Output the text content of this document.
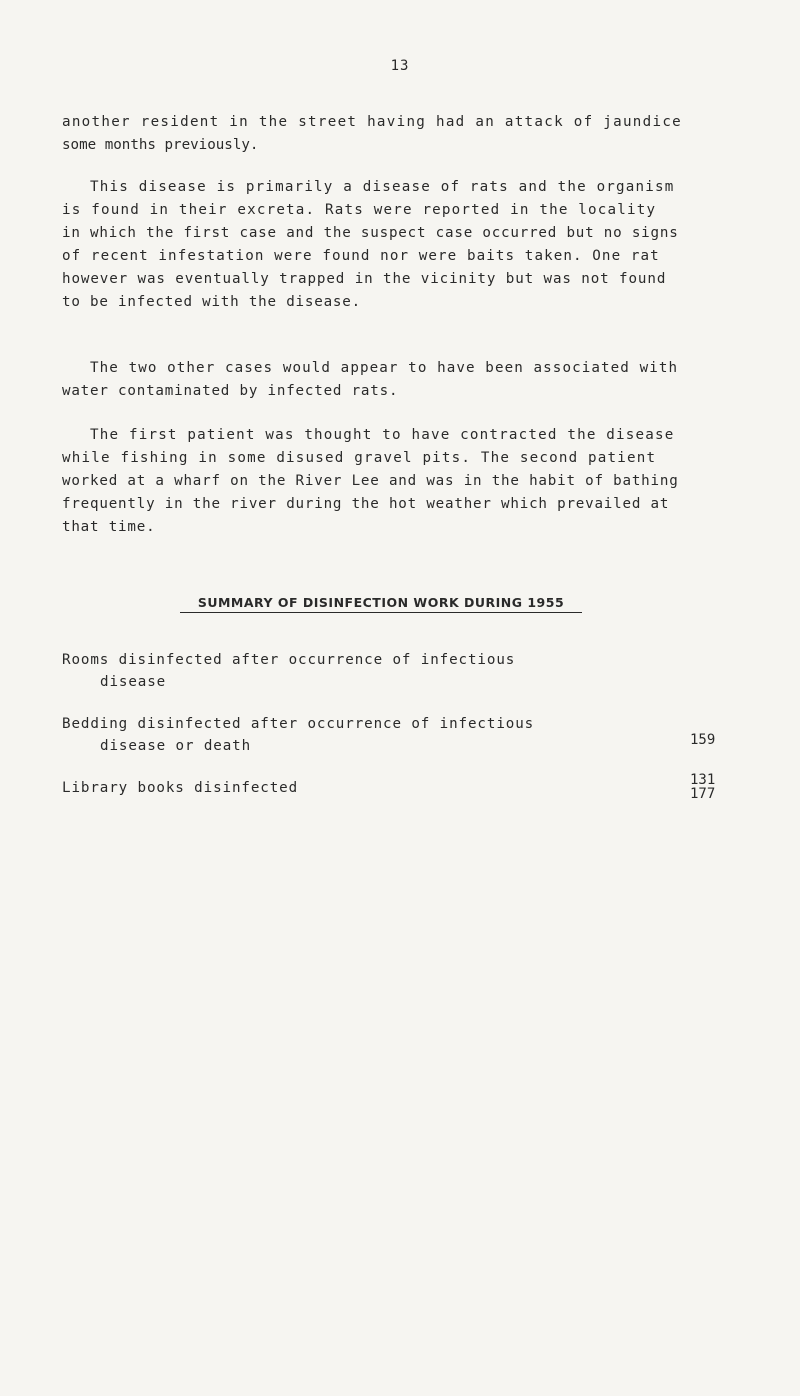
13

another resident in the street having had an attack of jaundice
some months previously.

This disease is primarily a disease of rats and the organism
is found in their excreta. Rats were reported in the locality
in which the first case and the suspect case occurred but no signs
of recent infestation were found nor were baits taken. One rat
however was eventually trapped in the vicinity but was not found
to be infected with the disease.

The two other cases would appear to have been associated with
water contaminated by infected rats.

The first patient was thought to have contracted the disease
while fishing in some disused gravel pits. The second patient
worked at a wharf on the River Lee and was in the habit of bathing
frequently in the river during the hot weather which prevailed at
that time.

SUMMARY OF DISINFECTION WORK DURING 1955
Rooms disinfected after occurrence of infectious
disease
159
Bedding disinfected after occurrence of infectious
disease or death
131
Library books disinfected	177
